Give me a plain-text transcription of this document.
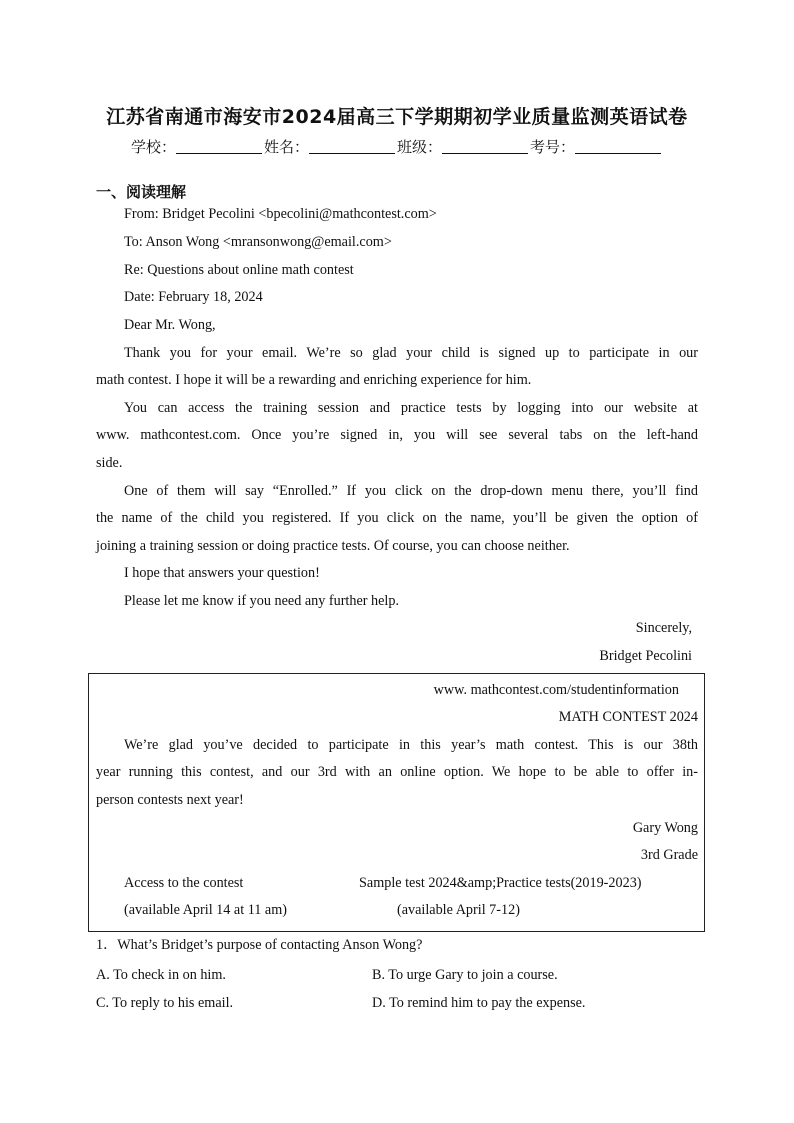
江苏省南通市海安市2024届高三下学期期初学业质量监测英语试卷
学校：	姓名：	班级：	考号：
一、阅读理解
From: Bridget Pecolini <bpecolini@mathcontest.com>
To: Anson Wong <mransonwong@email.com>
Re: Questions about online math contest
Date: February 18, 2024
Dear Mr. Wong,
Thank you for your email. We’re so glad your child is signed up to participate in our
math contest. I hope it will be a rewarding and enriching experience for him.
You can access the training session and practice tests by logging into our website at
www. mathcontest.com. Once you’re signed in, you will see several tabs on the left-hand
side.
One of them will say “Enrolled.” If you click on the drop-down menu there, you’ll find
the name of the child you registered. If you click on the name, you’ll be given the option of
joining a training session or doing practice tests. Of course, you can choose neither.
I hope that answers your question!
Please let me know if you need any further help.
Sincerely,
Bridget Pecolini
www. mathcontest.com/studentinformation
MATH CONTEST 2024
We’re glad you’ve decided to participate in this year’s math contest. This is our 38th
year running this contest, and our 3rd with an online option. We hope to be able to offer in-
person contests next year!
Gary Wong
3rd Grade
Access to the contest	Sample test 2024&amp;Practice tests(2019-2023)
(available April 14 at 11 am)	(available April 7-12)
1．What’s Bridget’s purpose of contacting Anson Wong?
A. To check in on him.	B. To urge Gary to join a course.
C. To reply to his email.	D. To remind him to pay the expense.
